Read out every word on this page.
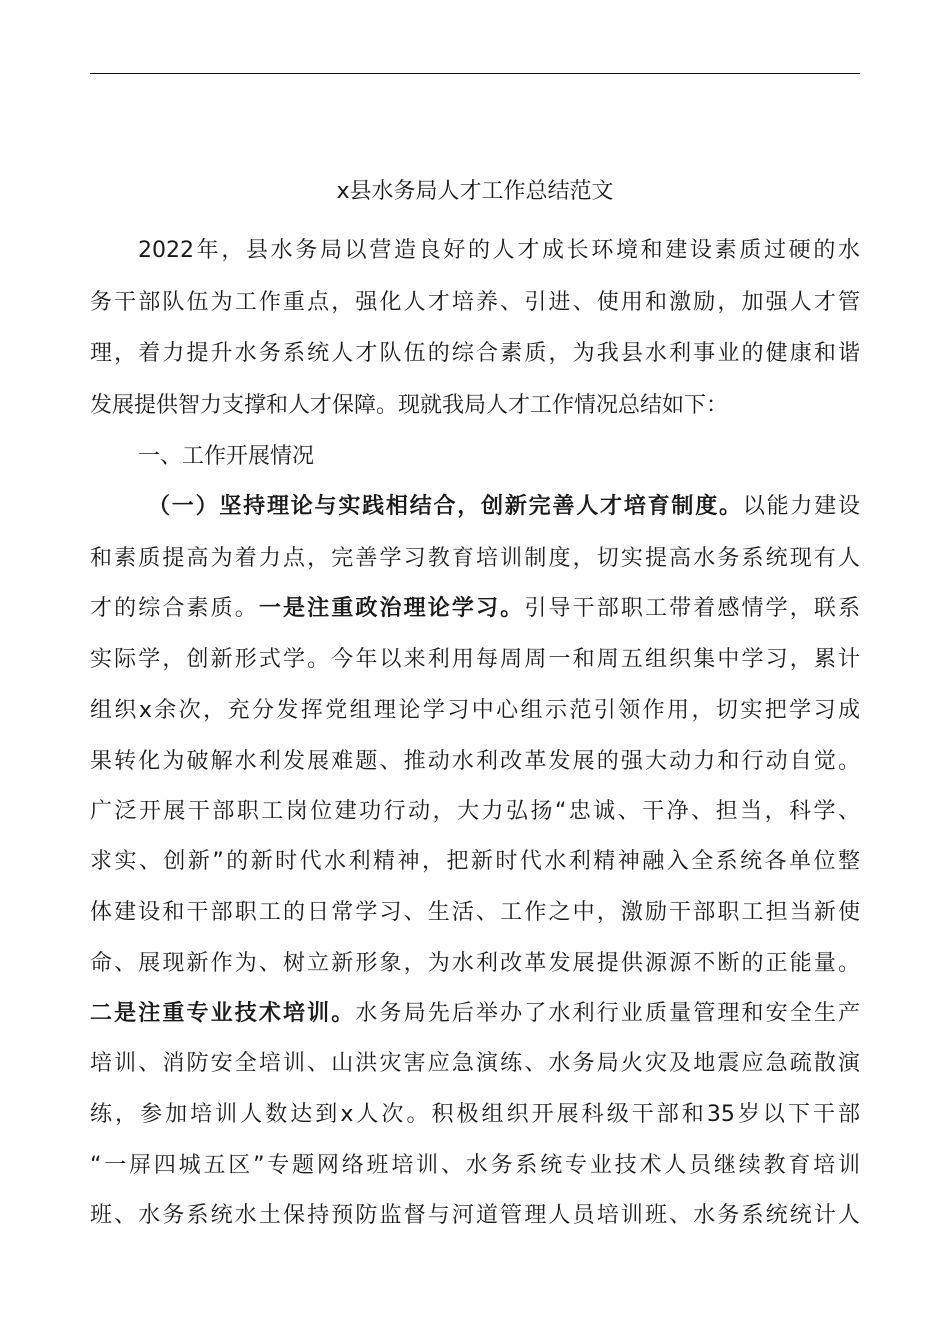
x县水务局人才工作总结范文
2022年，县水务局以营造良好的人才成长环境和建设素质过硬的水
务干部队伍为工作重点，强化人才培养、引进、使用和激励，加强人才管
理，着力提升水务系统人才队伍的综合素质，为我县水利事业的健康和谐
发展提供智力支撑和人才保障。现就我局人才工作情况总结如下：
一、工作开展情况
（一）坚持理论与实践相结合，创新完善人才培育制度。以能力建设
和素质提高为着力点，完善学习教育培训制度，切实提高水务系统现有人
才的综合素质。一是注重政治理论学习。引导干部职工带着感情学，联系
实际学，创新形式学。今年以来利用每周周一和周五组织集中学习，累计
组织x余次，充分发挥党组理论学习中心组示范引领作用，切实把学习成
果转化为破解水利发展难题、推动水利改革发展的强大动力和行动自觉。
广泛开展干部职工岗位建功行动，大力弘扬“忠诚、干净、担当，科学、
求实、创新”的新时代水利精神，把新时代水利精神融入全系统各单位整
体建设和干部职工的日常学习、生活、工作之中，激励干部职工担当新使
命、展现新作为、树立新形象，为水利改革发展提供源源不断的正能量。
二是注重专业技术培训。水务局先后举办了水利行业质量管理和安全生产
培训、消防安全培训、山洪灾害应急演练、水务局火灾及地震应急疏散演
练，参加培训人数达到x人次。积极组织开展科级干部和35岁以下干部
“一屏四城五区”专题网络班培训、水务系统专业技术人员继续教育培训
班、水务系统水土保持预防监督与河道管理人员培训班、水务系统统计人
